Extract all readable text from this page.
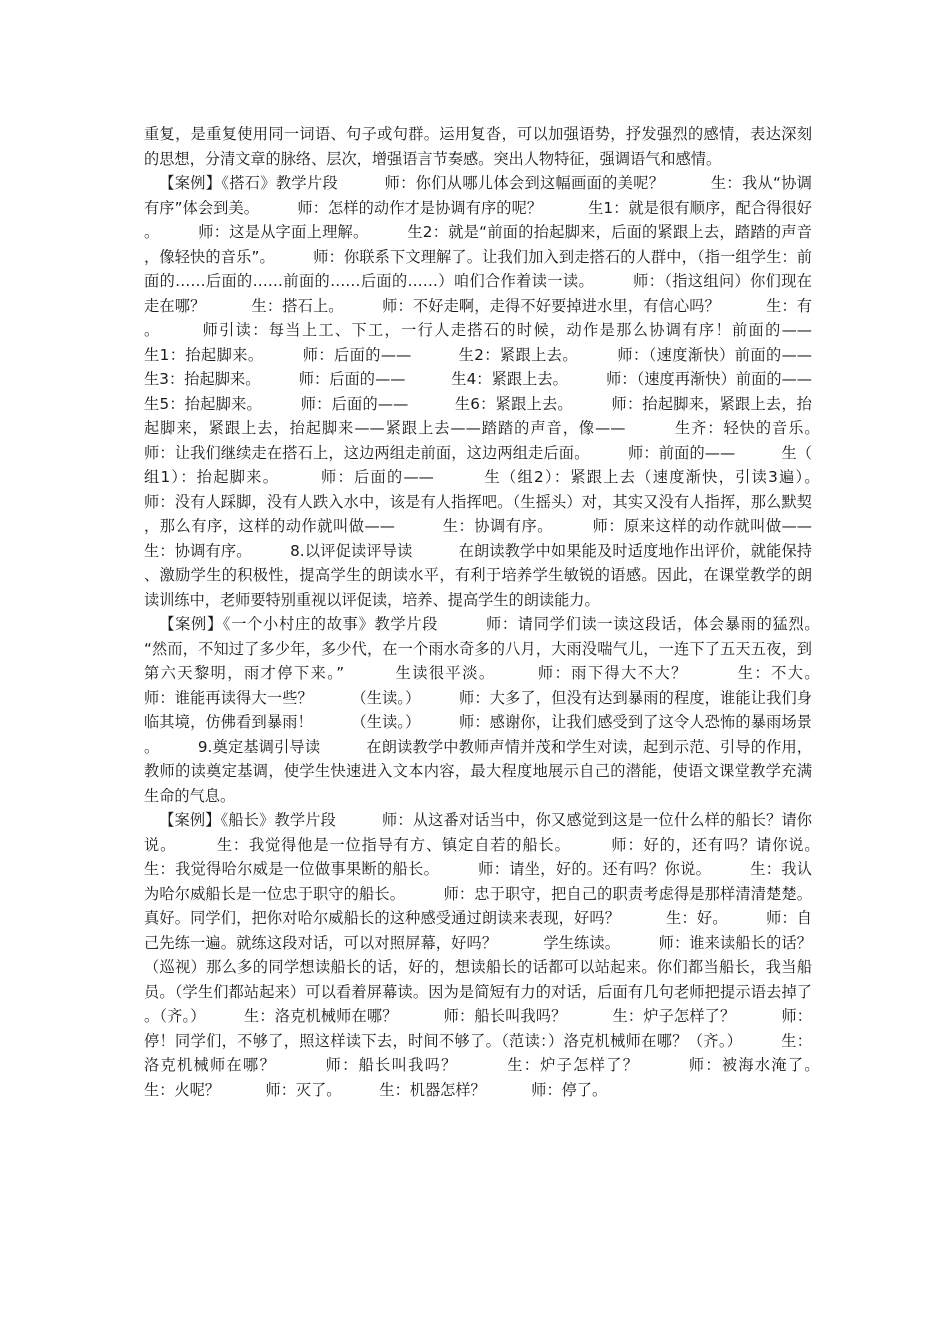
重复，是重复使用同一词语、句子或句群。运用复沓，可以加强语势，抒发强烈的感情，表达深刻的思想，分清文章的脉络、层次，增强语言节奏感。突出人物特征，强调语气和感情。

【案例】《搭石》教学片段　　　师：你们从哪儿体会到这幅画面的美呢？　　　生：我从“协调有序”体会到美。　　　师：怎样的动作才是协调有序的呢？　　　生1：就是很有顺序，配合得很好。　　　师：这是从字面上理解。　　　生2：就是“前面的抬起脚来，后面的紧跟上去，踏踏的声音，像轻快的音乐”。　　　师：你联系下文理解了。让我们加入到走搭石的人群中，（指一组学生：前面的……后面的……前面的……后面的……）咱们合作着读一读。　　　师：（指这组问）你们现在走在哪？　　　生：搭石上。　　　师：不好走啊，走得不好要掉进水里，有信心吗？　　　生：有。　　　师引读：每当上工、下工，一行人走搭石的时候，动作是那么协调有序！前面的——　　　生1：抬起脚来。　　　师：后面的——　　　生2：紧跟上去。　　　师：（速度渐快）前面的——　　　生3：抬起脚来。　　　师：后面的——　　　生4：紧跟上去。　　　师：（速度再渐快）前面的——　　生5：抬起脚来。　　　师：后面的——　　　生6：紧跟上去。　　　师：抬起脚来，紧跟上去，抬起脚来，紧跟上去，抬起脚来——紧跟上去——踏踏的声音，像——　　　生齐：轻快的音乐。　　　师：让我们继续走在搭石上，这边两组走前面，这边两组走后面。　　　师：前面的——　　　生（组1）：抬起脚来。　　　师：后面的——　　　生（组2）：紧跟上去（速度渐快，引读3遍）。　　　师：没有人踩脚，没有人跌入水中，该是有人指挥吧。（生摇头）对，其实又没有人指挥，那么默契，那么有序，这样的动作就叫做——　　　生：协调有序。　　　师：原来这样的动作就叫做——　　　生：协调有序。　　　8.以评促读评导读　　　在朗读教学中如果能及时适度地作出评价，就能保持、激励学生的积极性，提高学生的朗读水平，有利于培养学生敏锐的语感。因此，在课堂教学的朗读训练中，老师要特别重视以评促读，培养、提高学生的朗读能力。

【案例】《一个小村庄的故事》教学片段　　　师：请同学们读一读这段话，体会暴雨的猛烈。　　　“然而，不知过了多少年，多少代，在一个雨水奇多的八月，大雨没喘气儿，一连下了五天五夜，到第六天黎明，雨才停下来。”　　　生读很平淡。　　　师：雨下得大不大？　　　生：不大。　　　师：谁能再读得大一些？　　　（生读。）　　　师：大多了，但没有达到暴雨的程度，谁能让我们身临其境，仿佛看到暴雨！　　　（生读。）　　　师：感谢你，让我们感受到了这令人恐怖的暴雨场景。　　　9.奠定基调引导读　　　在朗读教学中教师声情并茂和学生对读，起到示范、引导的作用，教师的读奠定基调，使学生快速进入文本内容，最大程度地展示自己的潜能，使语文课堂教学充满生命的气息。

【案例】《船长》教学片段　　　师：从这番对话当中，你又感觉到这是一位什么样的船长？请你说。　　　生：我觉得他是一位指导有方、镇定自若的船长。　　　师：好的，还有吗？请你说。　　　生：我觉得哈尔威是一位做事果断的船长。　　　师：请坐，好的。还有吗？你说。　　　生：我认为哈尔威船长是一位忠于职守的船长。　　　师：忠于职守，把自己的职责考虑得是那样清清楚楚。真好。同学们，把你对哈尔威船长的这种感受通过朗读来表现，好吗？　　　生：好。　　　师：自己先练一遍。就练这段对话，可以对照屏幕，好吗？　　　学生练读。　　　师：谁来读船长的话？（巡视）那么多的同学想读船长的话，好的，想读船长的话都可以站起来。你们都当船长，我当船员。（学生们都站起来）可以看着屏幕读。因为是简短有力的对话，后面有几句老师把提示语去掉了。（齐。）　　　生：洛克机械师在哪？　　　师：船长叫我吗？　　　生：炉子怎样了？　　　师：停！同学们，不够了，照这样读下去，时间不够了。（范读：）洛克机械师在哪？（齐。）　　　生：洛克机械师在哪？　　　师：船长叫我吗？　　　生：炉子怎样了？　　　师：被海水淹了。　　　生：火呢？　　　师：灭了。　　　生：机器怎样？　　　师：停了。
